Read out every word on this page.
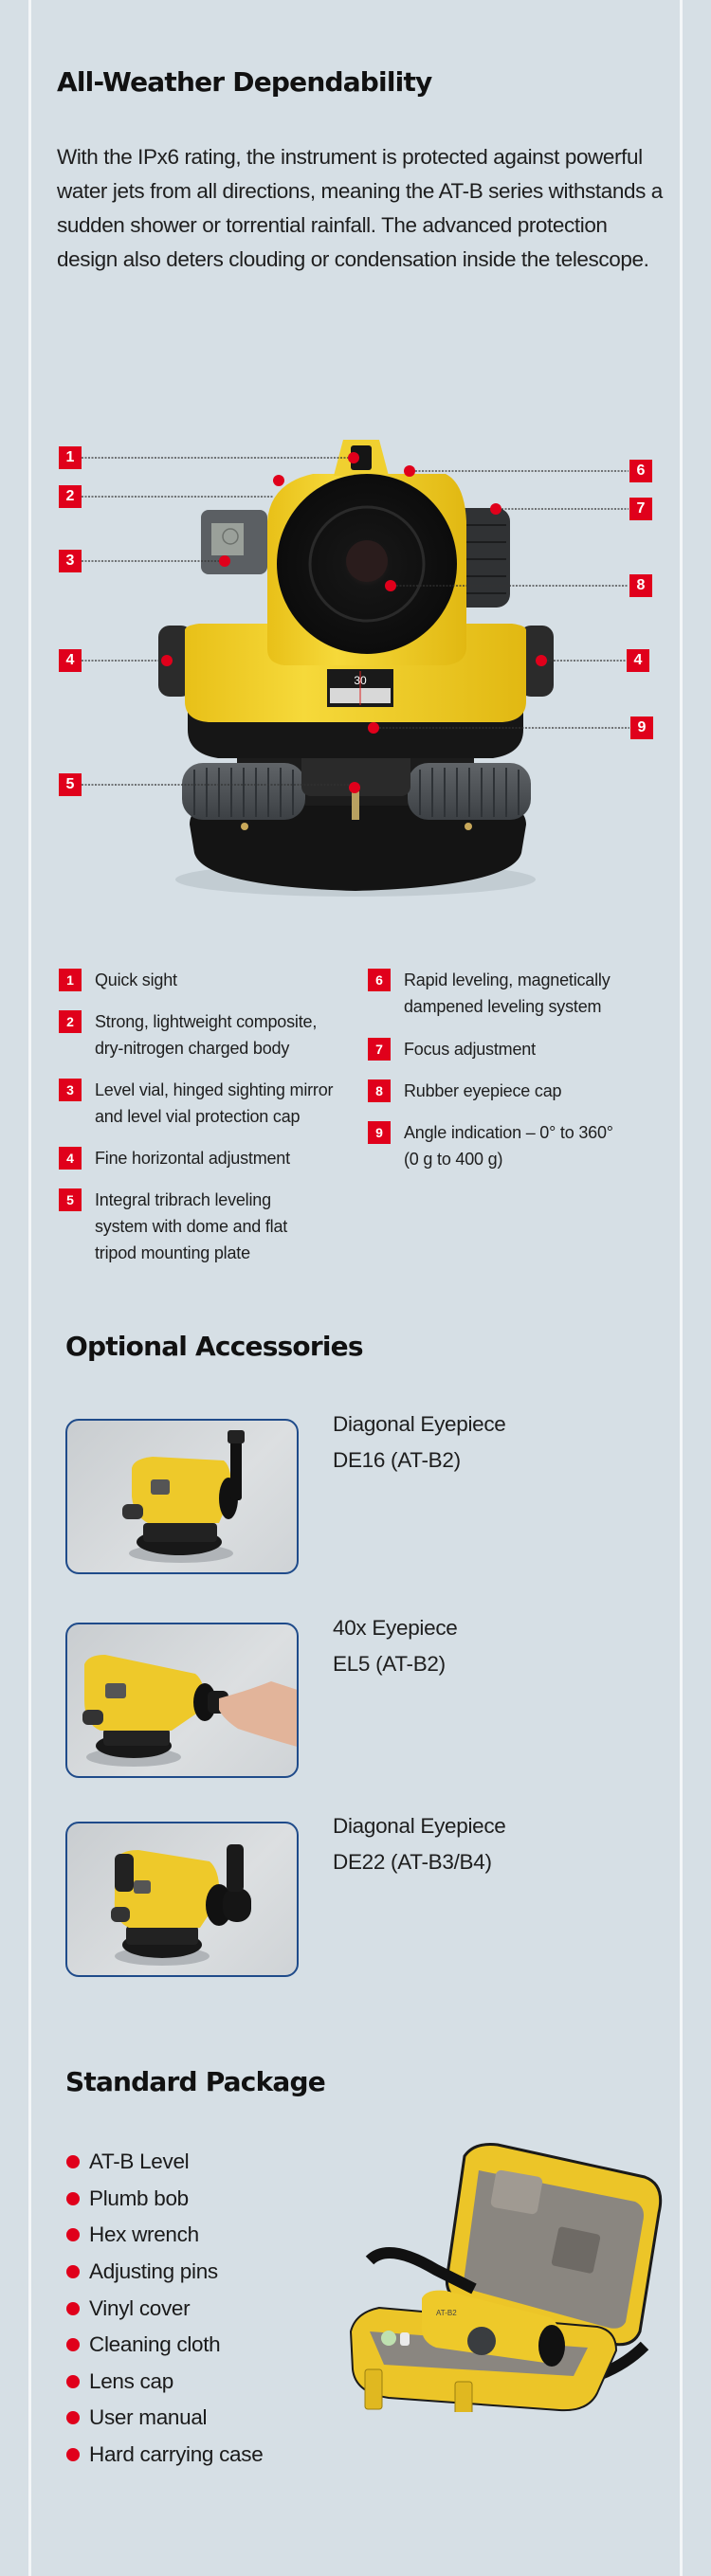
All-Weather Dependability

With the IPx6 rating, the instrument is protected against powerful water jets from all directions, meaning the AT-B series withstands a sudden shower or torrential rainfall. The advanced protection design also deters clouding or condensation inside the telescope.

30
1
2
3
4
5
6
7
8
4
9
1	Quick sight
2	Strong, lightweight composite, dry-nitrogen charged body
3	Level vial, hinged sighting mirror and level vial protection cap
4	Fine horizontal adjustment
5	Integral tribrach leveling system with dome and flat tripod mounting plate
6	Rapid leveling, magnetically dampened leveling system
7	Focus adjustment
8	Rubber eyepiece cap
9	Angle indication – 0° to 360° (0 g to 400 g)
Optional Accessories
Diagonal Eyepiece
DE16 (AT-B2)
40x Eyepiece
EL5 (AT-B2)
Diagonal Eyepiece
DE22 (AT-B3/B4)
Standard Package
AT-B Level
Plumb bob
Hex wrench
Adjusting pins
Vinyl cover
Cleaning cloth
Lens cap
User manual
Hard carrying case
AT-B2
